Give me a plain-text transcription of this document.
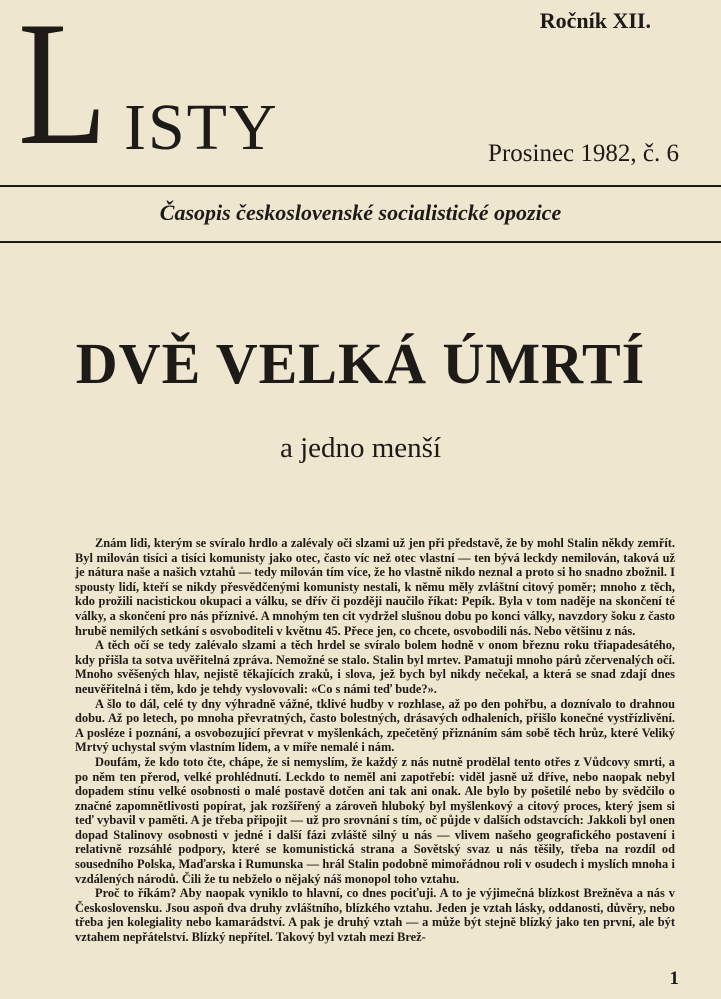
L ISTY
Ročník XII.
Prosinec 1982, č. 6
Časopis československé socialistické opozice
DVĚ VELKÁ ÚMRTÍ
a jedno menší

Znám lidi, kterým se svíralo hrdlo a zalévaly oči slzami už jen při představě, že by mohl Stalin někdy zemřít. Byl milován tisíci a tisíci komunisty jako otec, často víc než otec vlastní — ten bývá leckdy nemilován, taková už je nátura naše a našich vztahů — tedy milován tím více, že ho vlastně nikdo neznal a proto si ho snadno zbožnil. I spousty lidí, kteří se nikdy přesvědčenými komunisty nestali, k němu měly zvláštní citový poměr; mnoho z těch, kdo prožili nacistickou okupaci a válku, se dřív či později naučilo říkat: Pepík. Byla v tom naděje na skončení té války, a skončení pro nás příznivé. A mnohým ten cit vydržel slušnou dobu po konci války, navzdory šoku z často hrubě nemilých setkání s osvoboditeli v květnu 45. Přece jen, co chcete, osvobodili nás. Nebo většinu z nás.

A těch očí se tedy zalévalo slzami a těch hrdel se svíralo bolem hodně v onom březnu roku třiapadesátého, kdy přišla ta sotva uvěřitelná zpráva. Nemožné se stalo. Stalin byl mrtev. Pamatuji mnoho párů zčervenalých očí. Mnoho svěšených hlav, nejistě těkajících zraků, i slova, jež bych byl nikdy nečekal, a která se snad zdají dnes neuvěřitelná i těm, kdo je tehdy vyslovovali: «Co s námi teď bude?».

A šlo to dál, celé ty dny výhradně vážné, tklivé hudby v rozhlase, až po den pohřbu, a doznívalo to drahnou dobu. Až po letech, po mnoha převratných, často bolestných, drásavých odhaleních, přišlo konečné vystřízlivění. A posléze i poznání, a osvobozující převrat v myšlenkách, zpečetěný přiznáním sám sobě těch hrůz, které Veliký Mrtvý uchystal svým vlastním lidem, a v míře nemalé i nám.

Doufám, že kdo toto čte, chápe, že si nemyslím, že každý z nás nutně prodělal tento otřes z Vůdcovy smrti, a po něm ten přerod, velké prohlédnutí. Leckdo to neměl ani zapotřebí: viděl jasně už dříve, nebo naopak nebyl dopadem stínu velké osobnosti o malé postavě dotčen ani tak ani onak. Ale bylo by pošetilé nebo by svědčilo o značné zapomnětlivosti popírat, jak rozšířený a zároveň hluboký byl myšlenkový a citový proces, který jsem si teď vybavil v paměti. A je třeba připojit — už pro srovnání s tím, oč půjde v dalších odstavcích: Jakkoli byl onen dopad Stalinovy osobnosti v jedné i další fázi zvláště silný u nás — vlivem našeho geografického postavení i relativně rozsáhlé podpory, které se komunistická strana a Sovětský svaz u nás těšily, třeba na rozdíl od sousedního Polska, Maďarska i Rumunska — hrál Stalin podobně mimořádnou roli v osudech i myslích mnoha i vzdálených národů. Čili že tu nebželo o nějaký náš monopol toho vztahu.

Proč to říkám? Aby naopak vyniklo to hlavní, co dnes pociťuji. A to je výjimečná blízkost Brežněva a nás v Československu. Jsou aspoň dva druhy zvláštního, blízkého vztahu. Jeden je vztah lásky, oddanosti, důvěry, nebo třeba jen kolegiality nebo kamarádství. A pak je druhý vztah — a může být stejně blízký jako ten první, ale být vztahem nepřátelství. Blízký nepřítel. Takový byl vztah mezi Brež-

1
